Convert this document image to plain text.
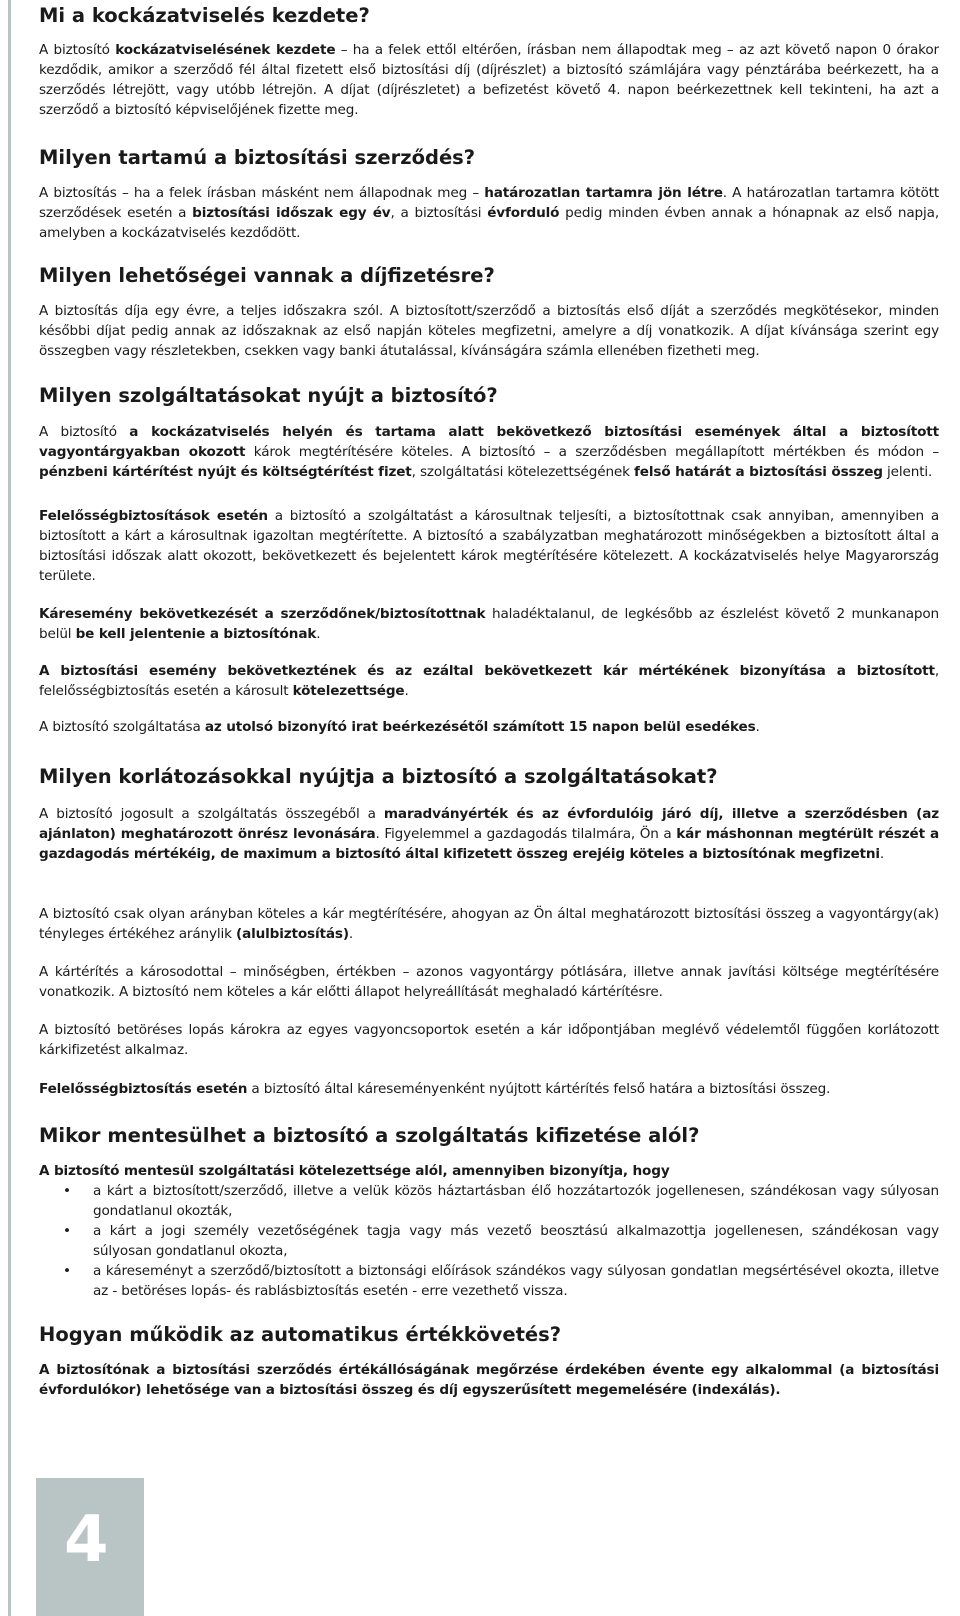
Mi a kockázatviselés kezdete?

A biztosító kockázatviselésének kezdete – ha a felek ettől eltérően, írásban nem állapodtak meg – az azt követő napon 0 órakor kezdődik, amikor a szerződő fél által fizetett első biztosítási díj (díjrészlet) a biztosító számlájára vagy pénztárába beérkezett, ha a szerződés létrejött, vagy utóbb létrejön. A díjat (díjrészletet) a befizetést követő 4. napon beérkezettnek kell tekinteni, ha azt a szerződő a biztosító képviselőjének fizette meg.

Milyen tartamú a biztosítási szerződés?

A biztosítás – ha a felek írásban másként nem állapodnak meg – határozatlan tartamra jön létre. A határozatlan tartamra kötött szerződések esetén a biztosítási időszak egy év, a biztosítási évforduló pedig minden évben annak a hónapnak az első napja, amelyben a kockázatviselés kezdődött.

Milyen lehetőségei vannak a díjfizetésre?

A biztosítás díja egy évre, a teljes időszakra szól. A biztosított/szerződő a biztosítás első díját a szerződés megkötésekor, minden későbbi díjat pedig annak az időszaknak az első napján köteles megfizetni, amelyre a díj vonatkozik. A díjat kívánsága szerint egy összegben vagy részletekben, csekken vagy banki átutalással, kívánságára számla ellenében fizetheti meg.

Milyen szolgáltatásokat nyújt a biztosító?

A biztosító a kockázatviselés helyén és tartama alatt bekövetkező biztosítási események által a biztosított vagyontárgyakban okozott károk megtérítésére köteles. A biztosító – a szerződésben megállapított mértékben és módon – pénzbeni kártérítést nyújt és költségtérítést fizet, szolgáltatási kötelezettségének felső határát a biztosítási összeg jelenti.

Felelősségbiztosítások esetén a biztosító a szolgáltatást a károsultnak teljesíti, a biztosítottnak csak annyiban, amennyiben a biztosított a kárt a károsultnak igazoltan megtérítette. A biztosító a szabályzatban meghatározott minőségekben a biztosított által a biztosítási időszak alatt okozott, bekövetkezett és bejelentett károk megtérítésére kötelezett. A kockázatviselés helye Magyarország területe.

Káresemény bekövetkezését a szerződőnek/biztosítottnak haladéktalanul, de legkésőbb az észlelést követő 2 munkanapon belül be kell jelentenie a biztosítónak.

A biztosítási esemény bekövetkeztének és az ezáltal bekövetkezett kár mértékének bizonyítása a biztosított, felelősségbiztosítás esetén a károsult kötelezettsége.

A biztosító szolgáltatása az utolsó bizonyító irat beérkezésétől számított 15 napon belül esedékes.

Milyen korlátozásokkal nyújtja a biztosító a szolgáltatásokat?

A biztosító jogosult a szolgáltatás összegéből a maradványérték és az évfordulóig járó díj, illetve a szerződésben (az ajánlaton) meghatározott önrész levonására. Figyelemmel a gazdagodás tilalmára, Ön a kár máshonnan megtérült részét a gazdagodás mértékéig, de maximum a biztosító által kifizetett összeg erejéig köteles a biztosítónak megfizetni.

A biztosító csak olyan arányban köteles a kár megtérítésére, ahogyan az Ön által meghatározott biztosítási összeg a vagyontárgy(ak) tényleges értékéhez aránylik (alulbiztosítás).

A kártérítés a károsodottal – minőségben, értékben – azonos vagyontárgy pótlására, illetve annak javítási költsége megtérítésére vonatkozik. A biztosító nem köteles a kár előtti állapot helyreállítását meghaladó kártérítésre.

A biztosító betöréses lopás károkra az egyes vagyoncsoportok esetén a kár időpontjában meglévő védelemtől függően korlátozott kárkifizetést alkalmaz.

Felelősségbiztosítás esetén a biztosító által káreseményenként nyújtott kártérítés felső határa a biztosítási összeg.

Mikor mentesülhet a biztosító a szolgáltatás kifizetése alól?
A biztosító mentesül szolgáltatási kötelezettsége alól, amennyiben bizonyítja, hogy
• a kárt a biztosított/szerződő, illetve a velük közös háztartásban élő hozzátartozók jogellenesen, szándékosan vagy súlyosan gondatlanul okozták,
• a kárt a jogi személy vezetőségének tagja vagy más vezető beosztású alkalmazottja jogellenesen, szándékosan vagy súlyosan gondatlanul okozta,
• a káreseményt a szerződő/biztosított a biztonsági előírások szándékos vagy súlyosan gondatlan megsértésével okozta, illetve az - betöréses lopás- és rablásbiztosítás esetén - erre vezethető vissza.
Hogyan működik az automatikus értékkövetés?

A biztosítónak a biztosítási szerződés értékállóságának megőrzése érdekében évente egy alkalommal (a biztosítási évfordulókor) lehetősége van a biztosítási összeg és díj egyszerűsített megemelésére (indexálás).

4
